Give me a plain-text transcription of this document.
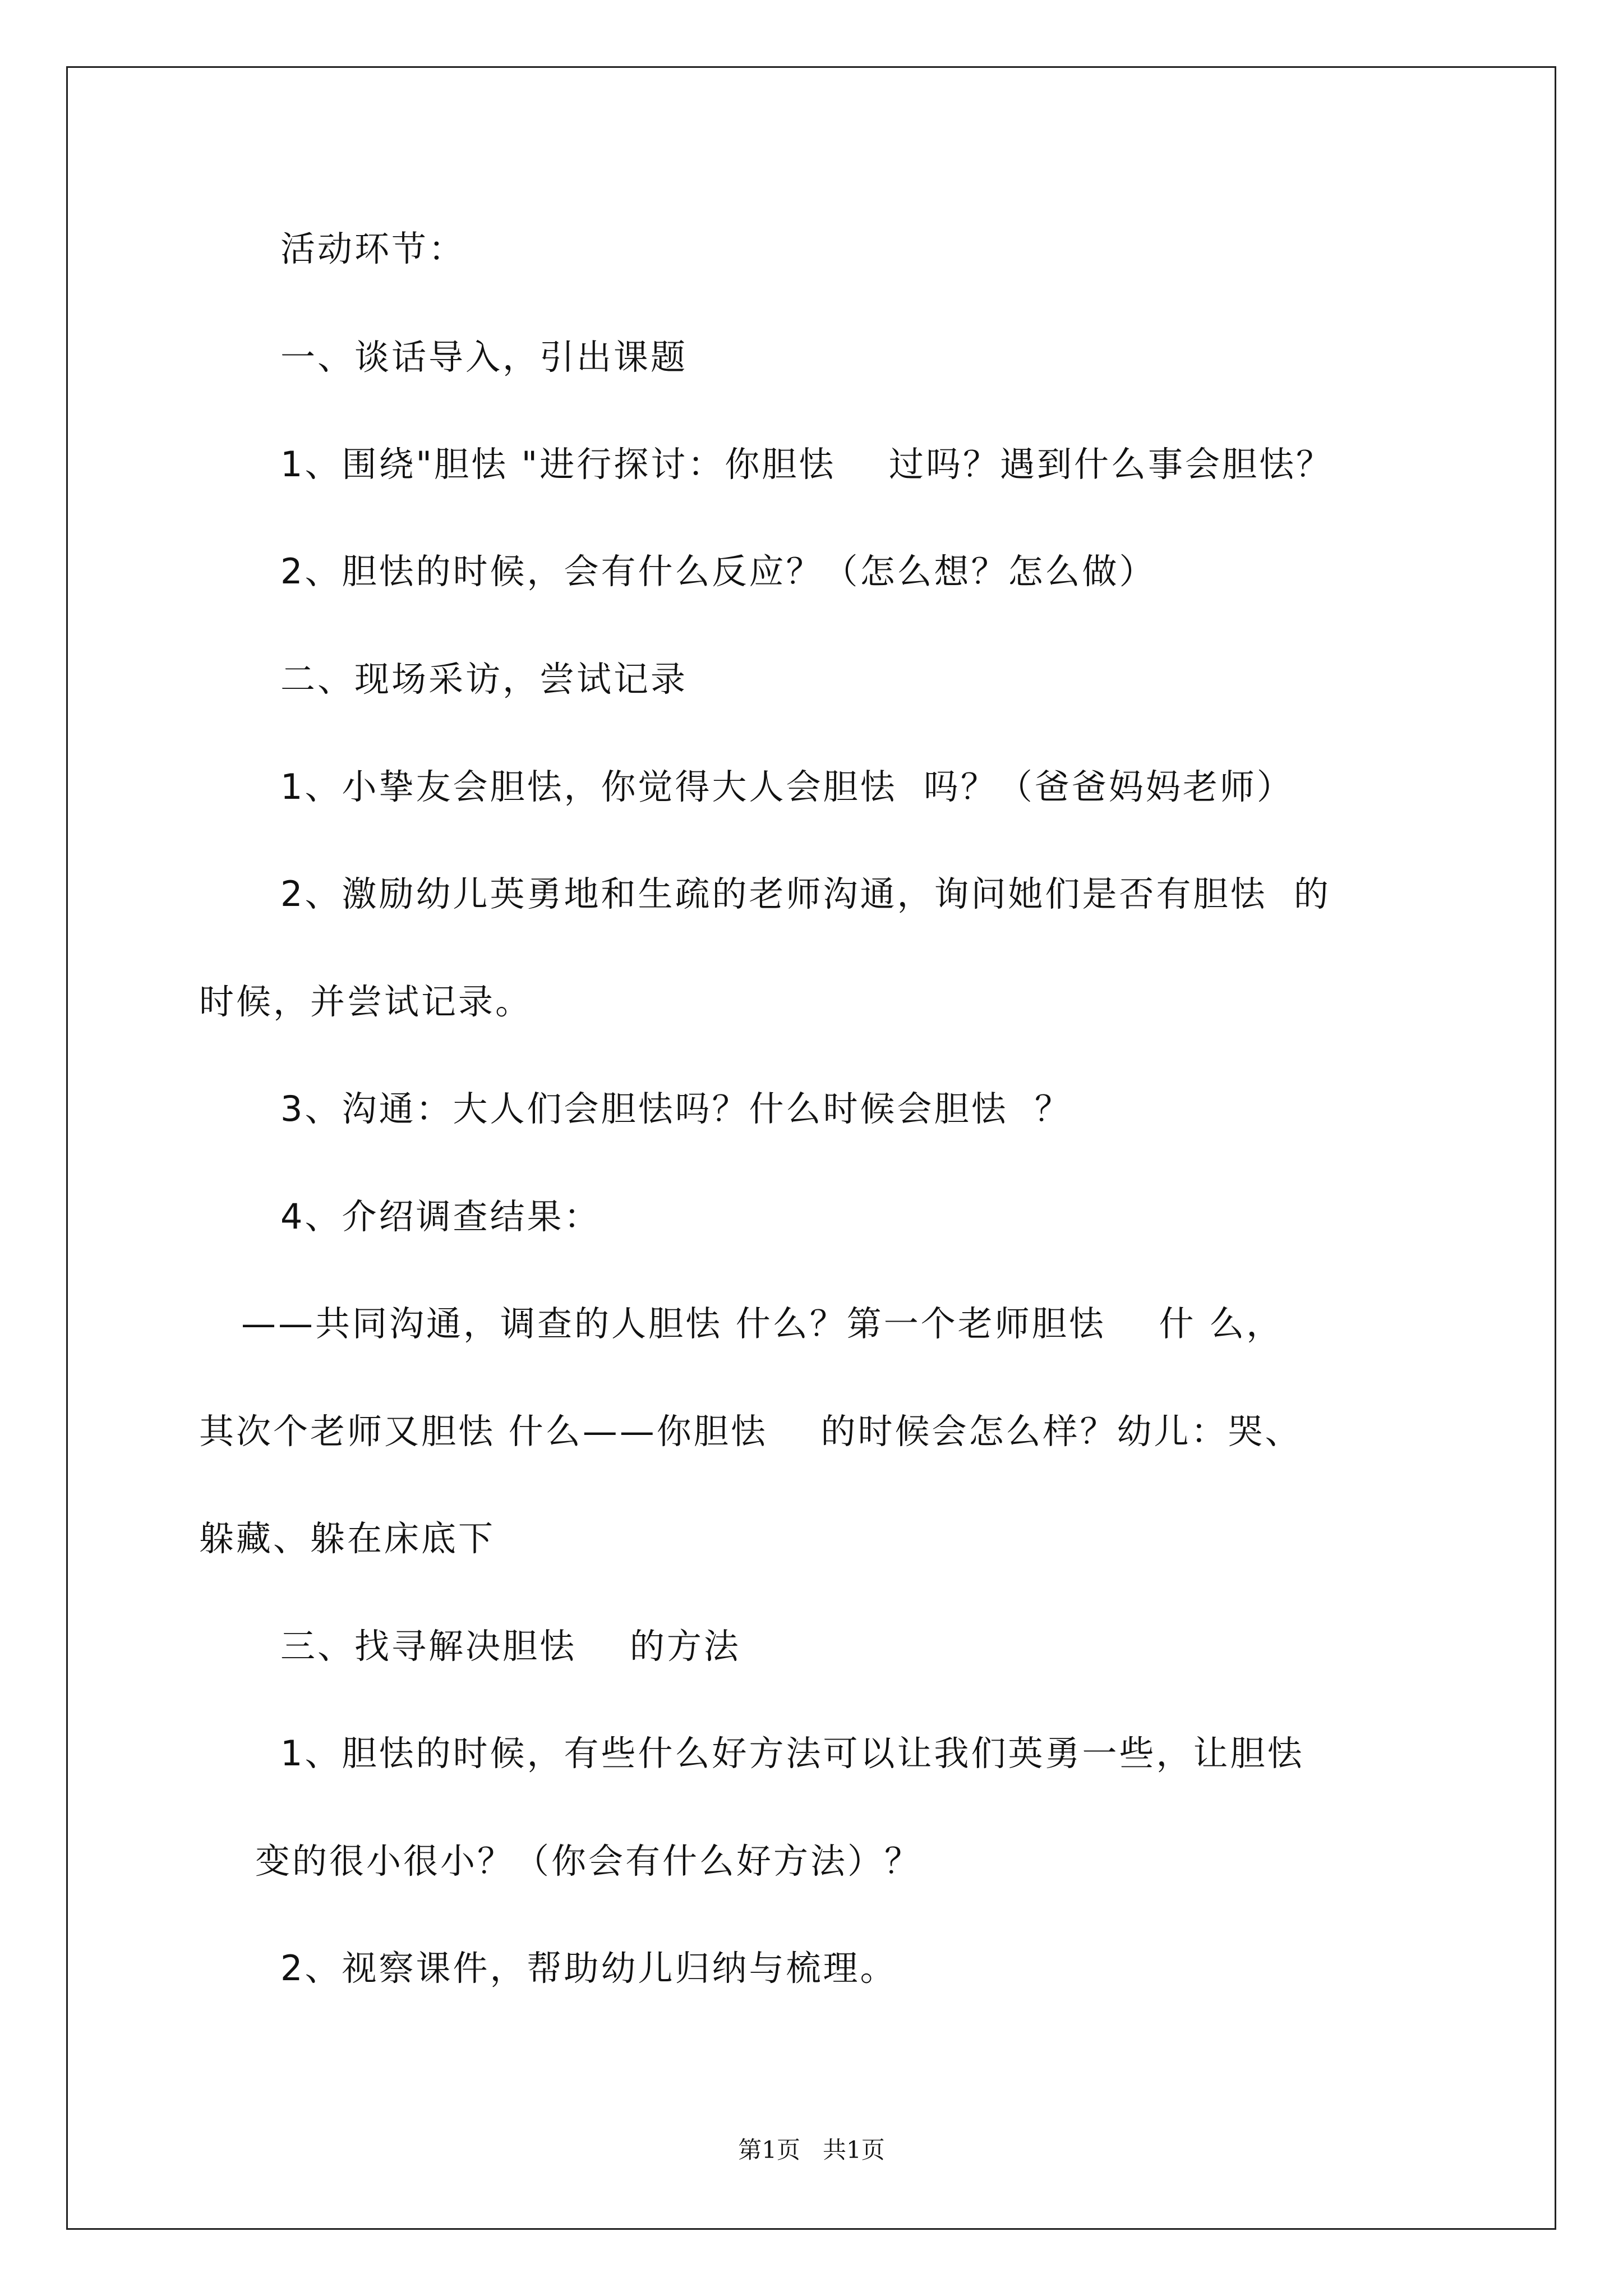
活动环节：
一、谈话导入，引出课题
1、围绕"胆怯 "进行探讨：你胆怯    过吗？遇到什么事会胆怯？
2、胆怯的时候，会有什么反应？（怎么想？怎么做）
二、现场采访，尝试记录
1、小挚友会胆怯，你觉得大人会胆怯  吗？（爸爸妈妈老师）
2、激励幼儿英勇地和生疏的老师沟通，询问她们是否有胆怯  的
时候，并尝试记录。
3、沟通：大人们会胆怯吗？什么时候会胆怯  ？
4、介绍调查结果：
——共同沟通，调查的人胆怯 什么？第一个老师胆怯    什 么，
其次个老师又胆怯 什么——你胆怯    的时候会怎么样？幼儿：哭、
躲藏、躲在床底下
三、找寻解决胆怯    的方法
1、胆怯的时候，有些什么好方法可以让我们英勇一些，让胆怯
变的很小很小？（你会有什么好方法）？
2、视察课件，帮助幼儿归纳与梳理。
第1页   共1页
